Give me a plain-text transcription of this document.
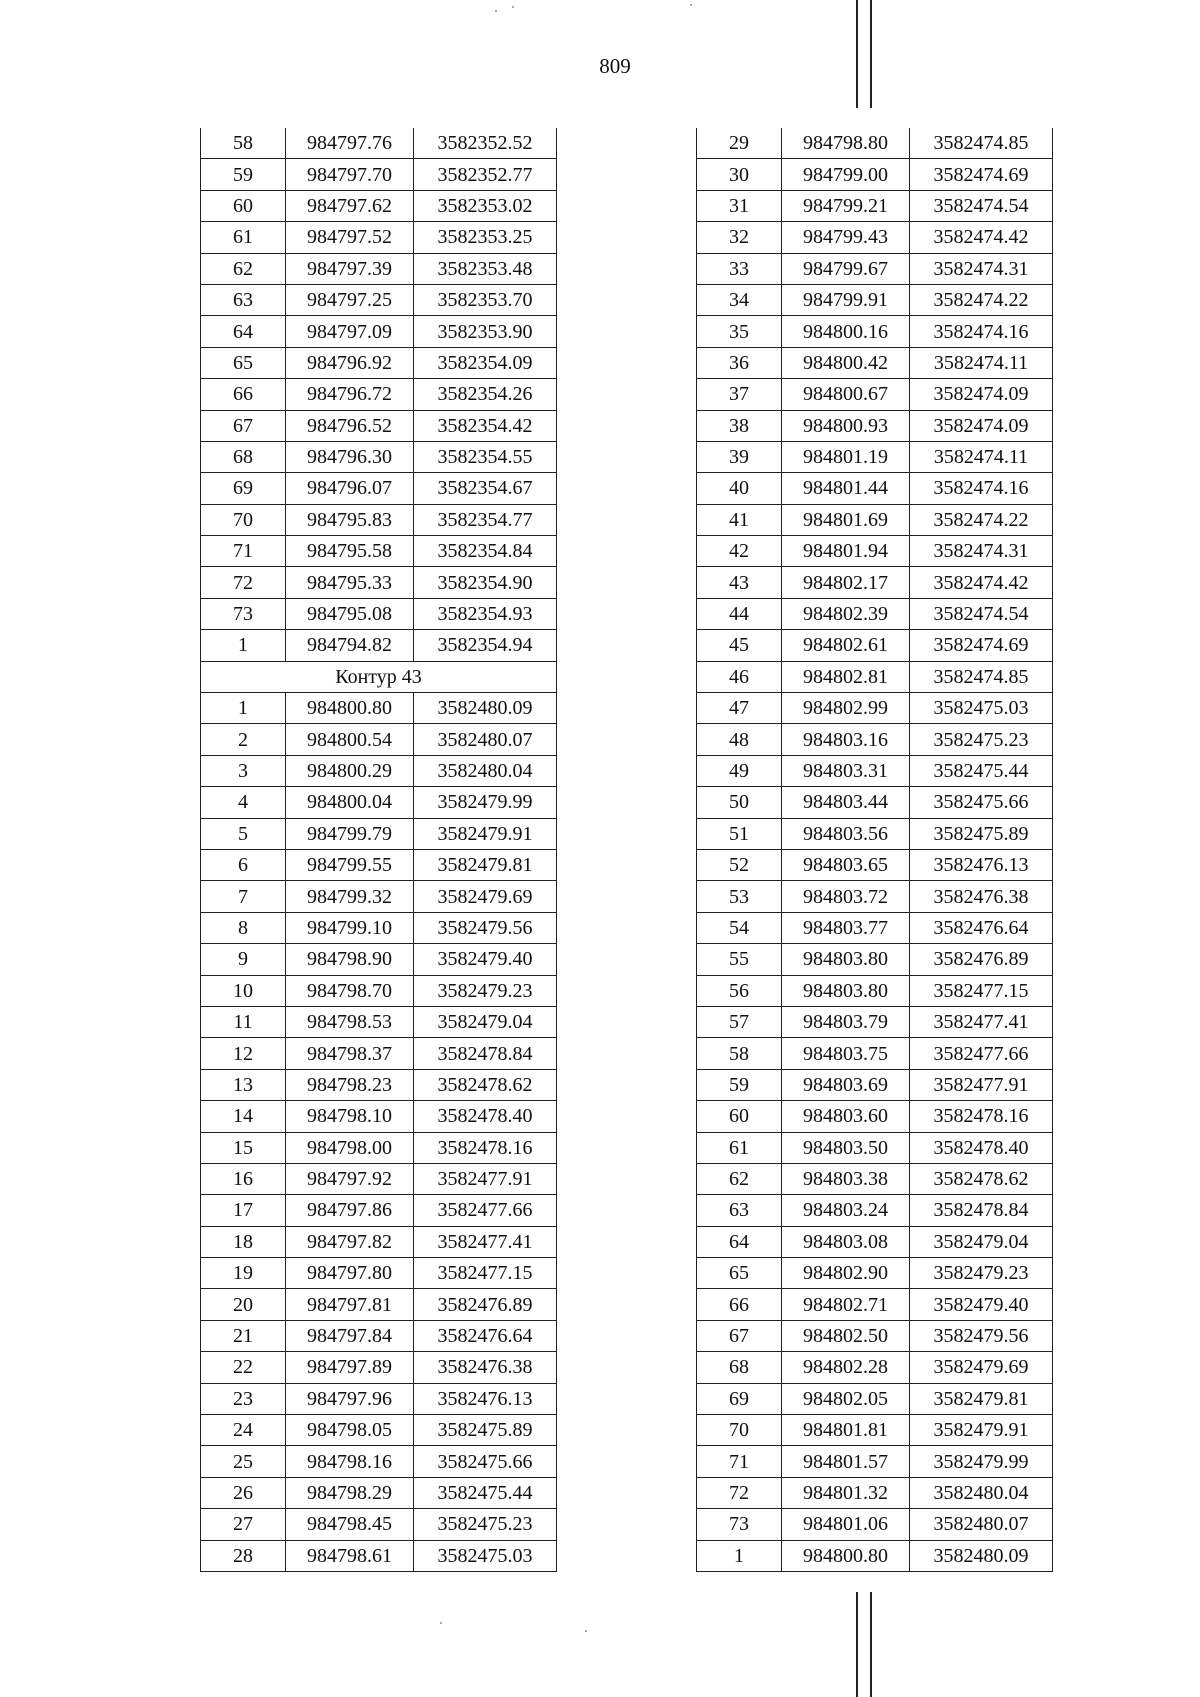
809
58	984797.76	3582352.52
59	984797.70	3582352.77
60	984797.62	3582353.02
61	984797.52	3582353.25
62	984797.39	3582353.48
63	984797.25	3582353.70
64	984797.09	3582353.90
65	984796.92	3582354.09
66	984796.72	3582354.26
67	984796.52	3582354.42
68	984796.30	3582354.55
69	984796.07	3582354.67
70	984795.83	3582354.77
71	984795.58	3582354.84
72	984795.33	3582354.90
73	984795.08	3582354.93
1	984794.82	3582354.94
Контур 43		
1	984800.80	3582480.09
2	984800.54	3582480.07
3	984800.29	3582480.04
4	984800.04	3582479.99
5	984799.79	3582479.91
6	984799.55	3582479.81
7	984799.32	3582479.69
8	984799.10	3582479.56
9	984798.90	3582479.40
10	984798.70	3582479.23
11	984798.53	3582479.04
12	984798.37	3582478.84
13	984798.23	3582478.62
14	984798.10	3582478.40
15	984798.00	3582478.16
16	984797.92	3582477.91
17	984797.86	3582477.66
18	984797.82	3582477.41
19	984797.80	3582477.15
20	984797.81	3582476.89
21	984797.84	3582476.64
22	984797.89	3582476.38
23	984797.96	3582476.13
24	984798.05	3582475.89
25	984798.16	3582475.66
26	984798.29	3582475.44
27	984798.45	3582475.23
28	984798.61	3582475.03
29	984798.80	3582474.85
30	984799.00	3582474.69
31	984799.21	3582474.54
32	984799.43	3582474.42
33	984799.67	3582474.31
34	984799.91	3582474.22
35	984800.16	3582474.16
36	984800.42	3582474.11
37	984800.67	3582474.09
38	984800.93	3582474.09
39	984801.19	3582474.11
40	984801.44	3582474.16
41	984801.69	3582474.22
42	984801.94	3582474.31
43	984802.17	3582474.42
44	984802.39	3582474.54
45	984802.61	3582474.69
46	984802.81	3582474.85
47	984802.99	3582475.03
48	984803.16	3582475.23
49	984803.31	3582475.44
50	984803.44	3582475.66
51	984803.56	3582475.89
52	984803.65	3582476.13
53	984803.72	3582476.38
54	984803.77	3582476.64
55	984803.80	3582476.89
56	984803.80	3582477.15
57	984803.79	3582477.41
58	984803.75	3582477.66
59	984803.69	3582477.91
60	984803.60	3582478.16
61	984803.50	3582478.40
62	984803.38	3582478.62
63	984803.24	3582478.84
64	984803.08	3582479.04
65	984802.90	3582479.23
66	984802.71	3582479.40
67	984802.50	3582479.56
68	984802.28	3582479.69
69	984802.05	3582479.81
70	984801.81	3582479.91
71	984801.57	3582479.99
72	984801.32	3582480.04
73	984801.06	3582480.07
1	984800.80	3582480.09
